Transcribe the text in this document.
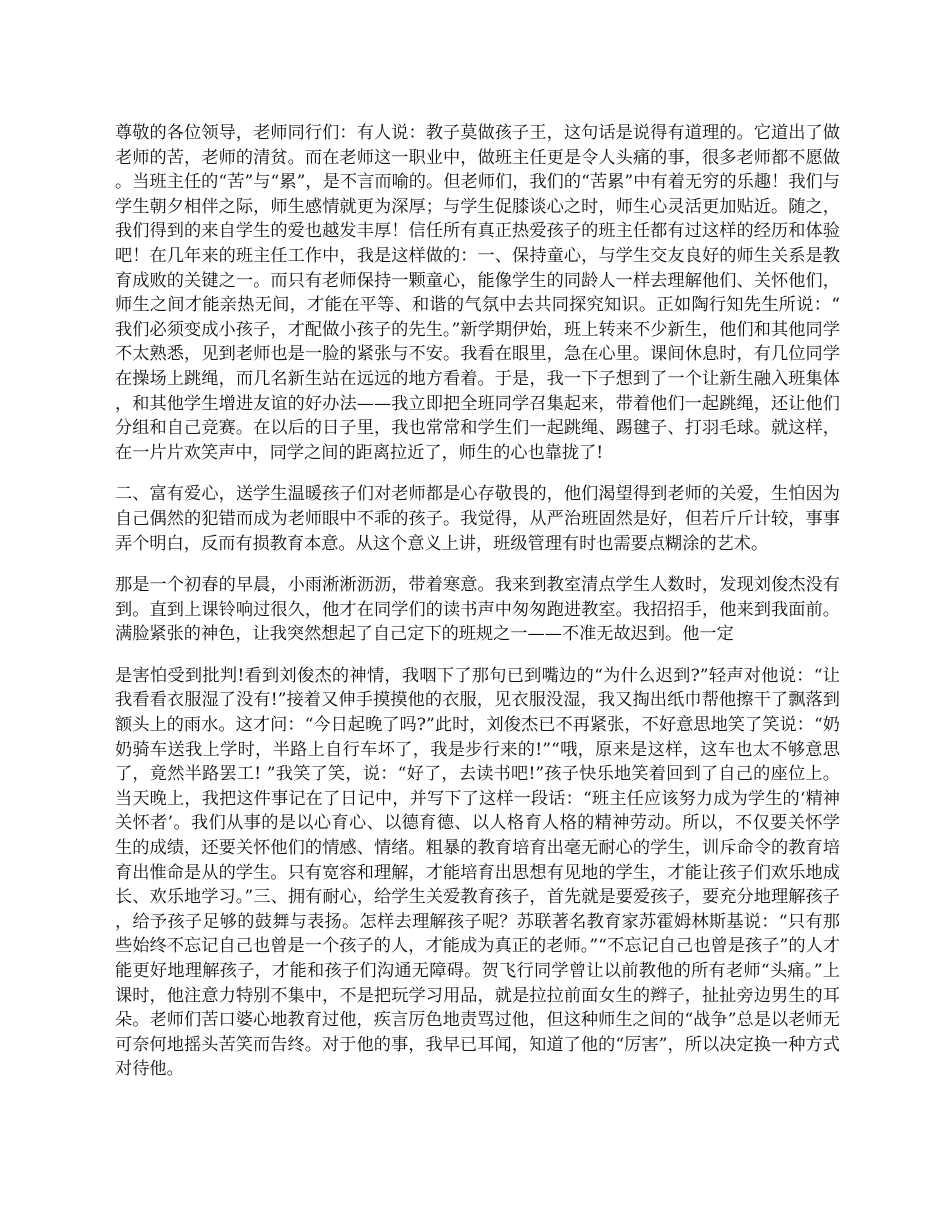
尊敬的各位领导，老师同行们：有人说：教子莫做孩子王，这句话是说得有道理的。它道出了做老师的苦，老师的清贫。而在老师这一职业中，做班主任更是令人头痛的事，很多老师都不愿做。当班主任的“苦”与“累”，是不言而喻的。但老师们，我们的“苦累”中有着无穷的乐趣！我们与学生朝夕相伴之际，师生感情就更为深厚；与学生促膝谈心之时，师生心灵活更加贴近。随之，我们得到的来自学生的爱也越发丰厚！信任所有真正热爱孩子的班主任都有过这样的经历和体验吧！在几年来的班主任工作中，我是这样做的：一、保持童心，与学生交友良好的师生关系是教育成败的关键之一。而只有老师保持一颗童心，能像学生的同龄人一样去理解他们、关怀他们，师生之间才能亲热无间，才能在平等、和谐的气氛中去共同探究知识。正如陶行知先生所说：“我们必须变成小孩子，才配做小孩子的先生。”新学期伊始，班上转来不少新生，他们和其他同学不太熟悉，见到老师也是一脸的紧张与不安。我看在眼里，急在心里。课间休息时，有几位同学在操场上跳绳，而几名新生站在远远的地方看着。于是，我一下子想到了一个让新生融入班集体，和其他学生增进友谊的好办法——我立即把全班同学召集起来，带着他们一起跳绳，还让他们分组和自己竞赛。在以后的日子里，我也常常和学生们一起跳绳、踢毽子、打羽毛球。就这样，在一片片欢笑声中，同学之间的距离拉近了，师生的心也靠拢了!

二、富有爱心，送学生温暖孩子们对老师都是心存敬畏的，他们渴望得到老师的关爱，生怕因为自己偶然的犯错而成为老师眼中不乖的孩子。我觉得，从严治班固然是好，但若斤斤计较，事事弄个明白，反而有损教育本意。从这个意义上讲，班级管理有时也需要点糊涂的艺术。

那是一个初春的早晨，小雨淅淅沥沥，带着寒意。我来到教室清点学生人数时，发现刘俊杰没有到。直到上课铃响过很久，他才在同学们的读书声中匆匆跑进教室。我招招手，他来到我面前。满脸紧张的神色，让我突然想起了自己定下的班规之一——不准无故迟到。他一定

是害怕受到批判!看到刘俊杰的神情，我咽下了那句已到嘴边的“为什么迟到?”轻声对他说：“让我看看衣服湿了没有!”接着又伸手摸摸他的衣服，见衣服没湿，我又掏出纸巾帮他擦干了飘落到额头上的雨水。这才问：“今日起晚了吗?”此时，刘俊杰已不再紧张，不好意思地笑了笑说：“奶奶骑车送我上学时，半路上自行车坏了，我是步行来的!”“哦，原来是这样，这车也太不够意思了，竟然半路罢工! ”我笑了笑，说：“好了，去读书吧!”孩子快乐地笑着回到了自己的座位上。当天晚上，我把这件事记在了日记中，并写下了这样一段话：“班主任应该努力成为学生的‘精神关怀者’。我们从事的是以心育心、以德育德、以人格育人格的精神劳动。所以，不仅要关怀学生的成绩，还要关怀他们的情感、情绪。粗暴的教育培育出毫无耐心的学生，训斥命令的教育培育出惟命是从的学生。只有宽容和理解，才能培育出思想有见地的学生，才能让孩子们欢乐地成长、欢乐地学习。”三、拥有耐心，给学生关爱教育孩子，首先就是要爱孩子，要充分地理解孩子，给予孩子足够的鼓舞与表扬。怎样去理解孩子呢？苏联著名教育家苏霍姆林斯基说：“只有那些始终不忘记自己也曾是一个孩子的人，才能成为真正的老师。”“不忘记自己也曾是孩子”的人才能更好地理解孩子，才能和孩子们沟通无障碍。贺飞行同学曾让以前教他的所有老师“头痛。”上课时，他注意力特别不集中，不是把玩学习用品，就是拉拉前面女生的辫子，扯扯旁边男生的耳朵。老师们苦口婆心地教育过他，疾言厉色地责骂过他，但这种师生之间的“战争”总是以老师无可奈何地摇头苦笑而告终。对于他的事，我早已耳闻，知道了他的“厉害”，所以决定换一种方式对待他。
